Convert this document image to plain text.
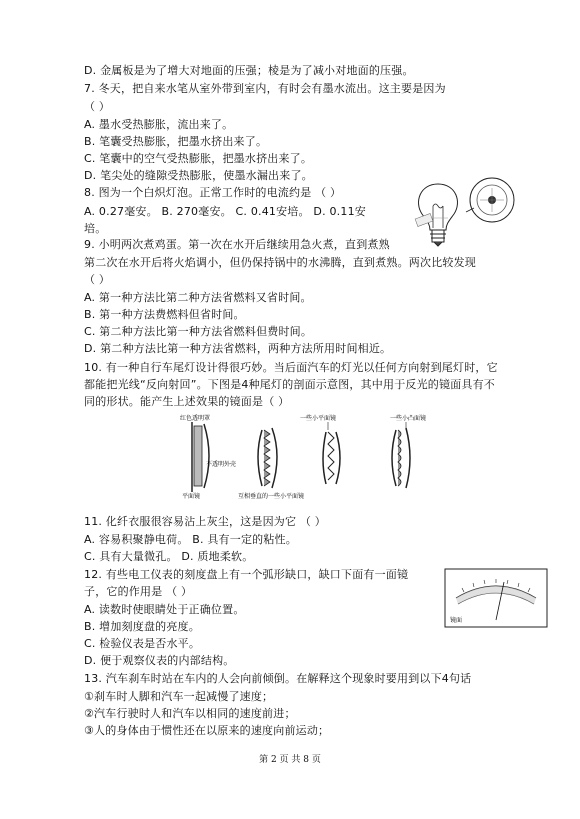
D. 金属板是为了增大对地面的压强；棱是为了减小对地面的压强。
7. 冬天，把自来水笔从室外带到室内，有时会有墨水流出。这主要是因为
（ ）
A. 墨水受热膨胀，流出来了。
B. 笔囊受热膨胀，把墨水挤出来了。
C. 笔囊中的空气受热膨胀，把墨水挤出来了。
D. 笔尖处的缝隙受热膨胀，使墨水漏出来了。
8. 图为一个白炽灯泡。正常工作时的电流约是 （ ）
A. 0.27毫安。 B. 270毫安。 C. 0.41安培。 D. 0.11安
培。
9. 小明两次煮鸡蛋。第一次在水开后继续用急火煮，直到煮熟
第二次在水开后将火焰调小，但仍保持锅中的水沸腾，直到煮熟。两次比较发现
（ ）
A. 第一种方法比第二种方法省燃料又省时间。
B. 第一种方法费燃料但省时间。
C. 第二种方法比第一种方法省燃料但费时间。
D. 第二种方法比第一种方法省燃料，两种方法所用时间相近。
10. 有一种自行车尾灯设计得很巧妙。当后面汽车的灯光以任何方向射到尾灯时，它
都能把光线“反向射回”。下图是4种尾灯的剖面示意图，其中用于反光的镜面具有不
同的形状。能产生上述效果的镜面是（ ）
11. 化纤衣服很容易沾上灰尘，这是因为它 （ ）
A. 容易积聚静电荷。 B. 具有一定的粘性。
C. 具有大量微孔。 D. 质地柔软。
12. 有些电工仪表的刻度盘上有一个弧形缺口，缺口下面有一面镜
子，它的作用是 （ ）
A. 读数时使眼睛处于正确位置。
B. 增加刻度盘的亮度。
C. 检验仪表是否水平。
D. 便于观察仪表的内部结构。
13. 汽车刹车时站在车内的人会向前倾倒。在解释这个现象时要用到以下4句话
①刹车时人脚和汽车一起减慢了速度；
②汽车行驶时人和汽车以相同的速度前进；
③人的身体由于惯性还在以原来的速度向前运动；
红色透明罩
不透明外壳
平面镜	互相垂直的一些小平面镜
一些小平面镜	一些小凸面镜
镜面
第 2 页 共 8 页
